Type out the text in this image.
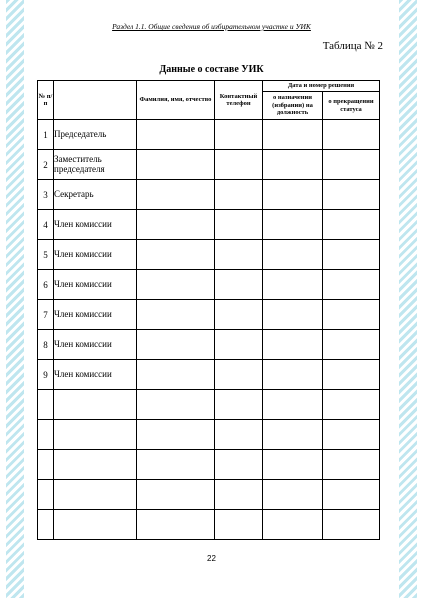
Раздел 1.1. Общие сведения об избирательном участке и УИК
Таблица № 2
Данные о составе УИК
№ п/п		Фамилия, имя, отчество	Контактный телефон	Дата и номер решения	
				о назначении (избрании) на должность	о прекращении статуса
1	Председатель				
2	Заместитель председателя				
3	Секретарь				
4	Член комиссии				
5	Член комиссии				
6	Член комиссии				
7	Член комиссии				
8	Член комиссии				
9	Член комиссии				

22
